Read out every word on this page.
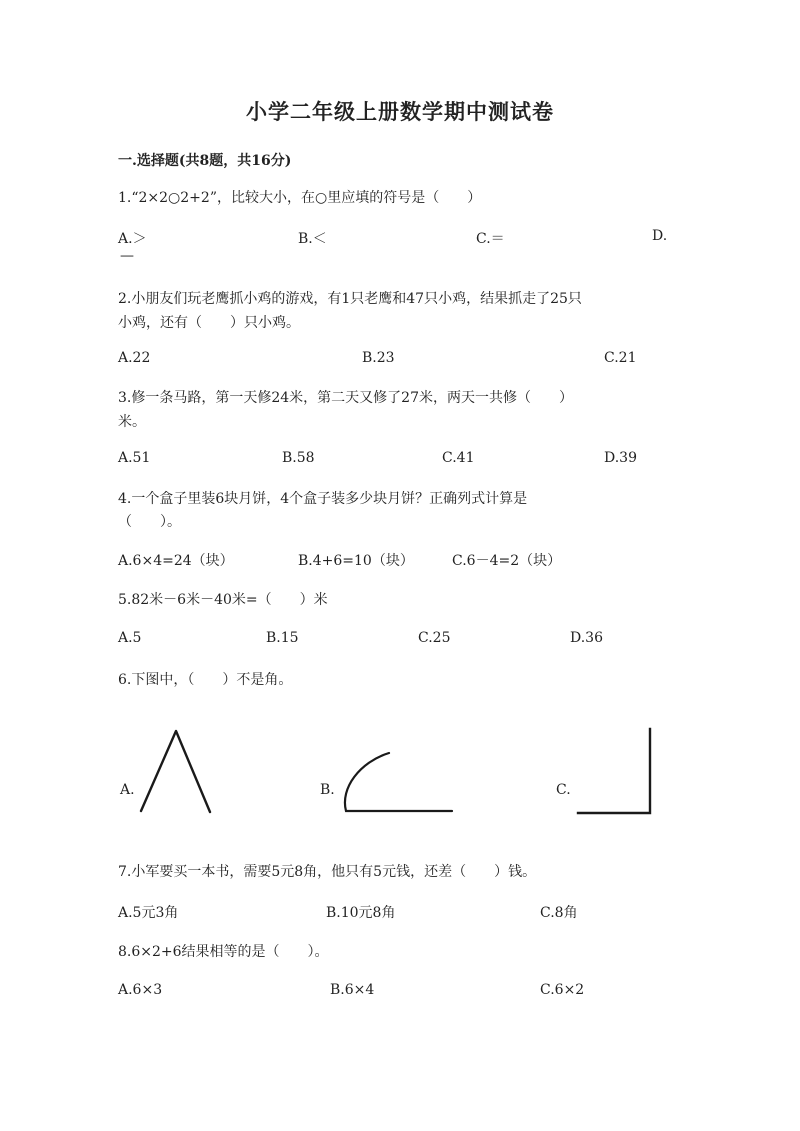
小学二年级上册数学期中测试卷
一.选择题(共8题，共16分)
1.“2×2○2+2”，比较大小，在○里应填的符号是（　　）
A.＞	B.＜	C.＝	D.
—
2.小朋友们玩老鹰抓小鸡的游戏，有1只老鹰和47只小鸡，结果抓走了25只
小鸡，还有（　　）只小鸡。
A.22	B.23	C.21
3.修一条马路，第一天修24米，第二天又修了27米，两天一共修（　　）
米。
A.51	B.58	C.41	D.39
4.一个盒子里装6块月饼，4个盒子装多少块月饼？正确列式计算是
（　　）。
A.6×4=24（块）	B.4+6=10（块）	C.6－4=2（块）
5.82米－6米－40米=（　　）米
A.5	B.15	C.25	D.36
6.下图中，（　　）不是角。
A.	B.	C.
7.小军要买一本书，需要5元8角，他只有5元钱，还差（　　）钱。
A.5元3角	B.10元8角	C.8角
8.6×2+6结果相等的是（　　）。
A.6×3	B.6×4	C.6×2
